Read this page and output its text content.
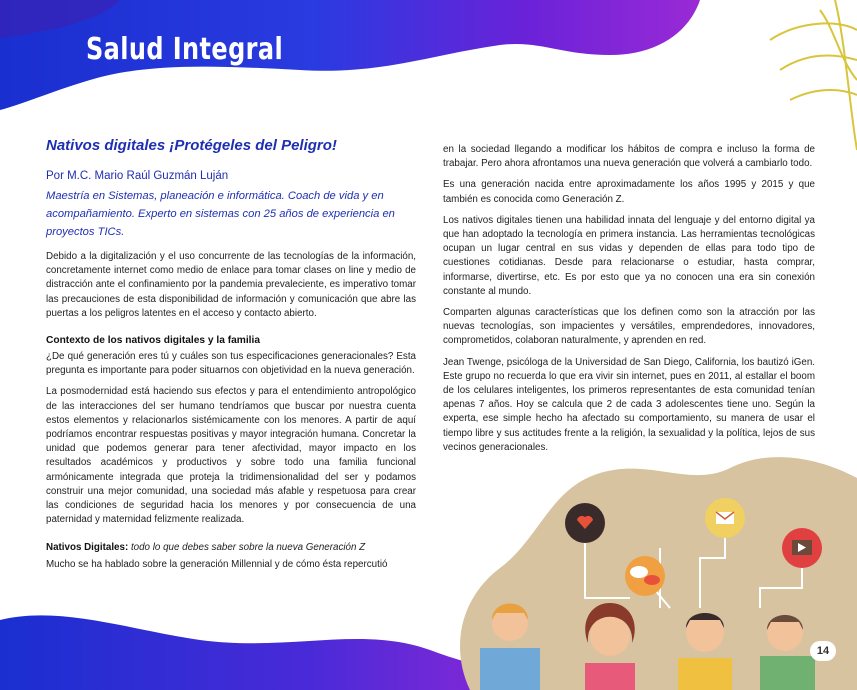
Salud Integral
Nativos digitales ¡Protégeles del Peligro!
Por M.C. Mario Raúl Guzmán Luján
Maestría en Sistemas, planeación e informática. Coach de vida y en acompañamiento. Experto en sistemas con 25 años de experiencia en proyectos TICs.

Debido a la digitalización y el uso concurrente de las tecnologías de la información, concretamente internet como medio de enlace para tomar clases on line y medio de distracción ante el confinamiento por la pandemia prevaleciente, es imperativo tomar las precauciones de esta disponibilidad de información y comunicación que abre las puertas a los peligros latentes en el acceso y contacto abierto.

Contexto de los nativos digitales y la familia

¿De qué generación eres tú y cuáles son tus especificaciones generacionales? Esta pregunta es importante para poder situarnos con objetividad en la nueva generación.

La posmodernidad está haciendo sus efectos y para el entendimiento antropológico de las interacciones del ser humano tendríamos que buscar por nuestra cuenta estos elementos y relacionarlos sistémicamente con los menores. A partir de aquí podríamos encontrar respuestas positivas y mayor integración humana. Concretar la unidad que podemos generar para tener afectividad, mayor impacto en los resultados académicos y productivos y sobre todo una familia funcional armónicamente integrada que proteja la tridimensionalidad del ser y podamos construir una mejor comunidad, una sociedad más afable y respetuosa para crear las condiciones de seguridad hacia los menores y por consecuencia de una paternidad y maternidad felizmente realizada.

Nativos Digitales: todo lo que debes saber sobre la nueva Generación Z

Mucho se ha hablado sobre la generación Millennial y de cómo ésta repercutió

en la sociedad llegando a modificar los hábitos de compra e incluso la forma de trabajar. Pero ahora afrontamos una nueva generación que volverá a cambiarlo todo.

Es una generación nacida entre aproximadamente los años 1995 y 2015 y que también es conocida como Generación Z.

Los nativos digitales tienen una habilidad innata del lenguaje y del entorno digital ya que han adoptado la tecnología en primera instancia. Las herramientas tecnológicas ocupan un lugar central en sus vidas y dependen de ellas para todo tipo de cuestiones cotidianas. Desde para relacionarse o estudiar, hasta comprar, informarse, divertirse, etc. Es por esto que ya no conocen una era sin conexión constante al mundo.

Comparten algunas características que los definen como son la atracción por las nuevas tecnologías, son impacientes y versátiles, emprendedores, innovadores, comprometidos, colaboran naturalmente, y aprenden en red.

Jean Twenge, psicóloga de la Universidad de San Diego, California, los bautizó iGen. Este grupo no recuerda lo que era vivir sin internet, pues en 2011, al estallar el boom de los celulares inteligentes, los primeros representantes de esta comunidad tenían apenas 7 años. Hoy se calcula que 2 de cada 3 adolescentes tiene uno. Según la experta, ese simple hecho ha afectado su comportamiento, su manera de usar el tiempo libre y sus actitudes frente a la religión, la sexualidad y la política, lejos de sus vecinos generacionales.

14
